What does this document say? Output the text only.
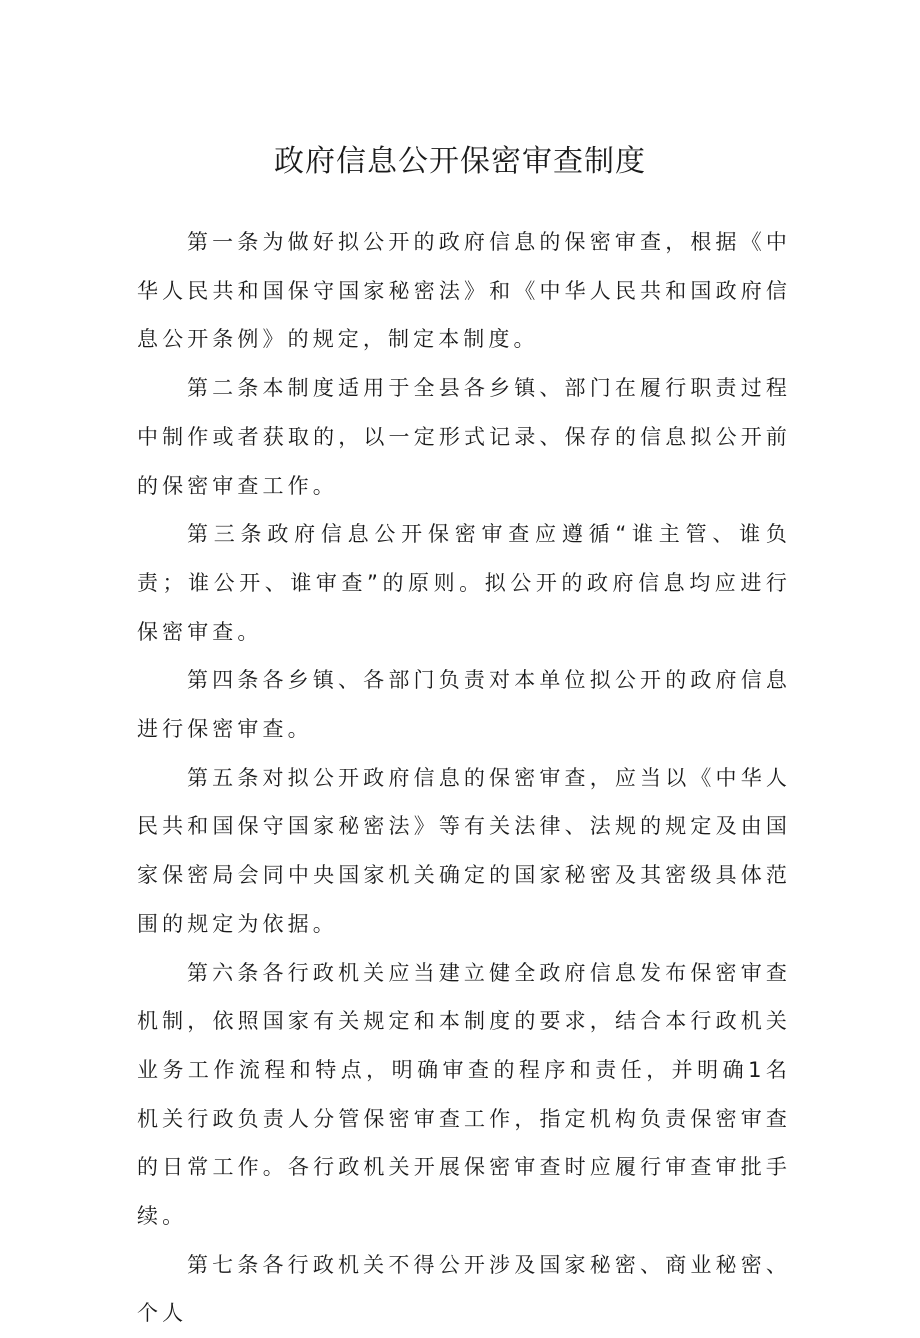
政府信息公开保密审查制度

第一条为做好拟公开的政府信息的保密审查，根据《中华人民共和国保守国家秘密法》和《中华人民共和国政府信息公开条例》的规定，制定本制度。

第二条本制度适用于全县各乡镇、部门在履行职责过程中制作或者获取的，以一定形式记录、保存的信息拟公开前的保密审查工作。

第三条政府信息公开保密审查应遵循“谁主管、谁负责；谁公开、谁审查”的原则。拟公开的政府信息均应进行保密审查。

第四条各乡镇、各部门负责对本单位拟公开的政府信息进行保密审查。

第五条对拟公开政府信息的保密审查，应当以《中华人民共和国保守国家秘密法》等有关法律、法规的规定及由国家保密局会同中央国家机关确定的国家秘密及其密级具体范围的规定为依据。

第六条各行政机关应当建立健全政府信息发布保密审查机制，依照国家有关规定和本制度的要求，结合本行政机关业务工作流程和特点，明确审查的程序和责任，并明确1名机关行政负责人分管保密审查工作，指定机构负责保密审查的日常工作。各行政机关开展保密审查时应履行审查审批手续。

第七条各行政机关不得公开涉及国家秘密、商业秘密、个人
